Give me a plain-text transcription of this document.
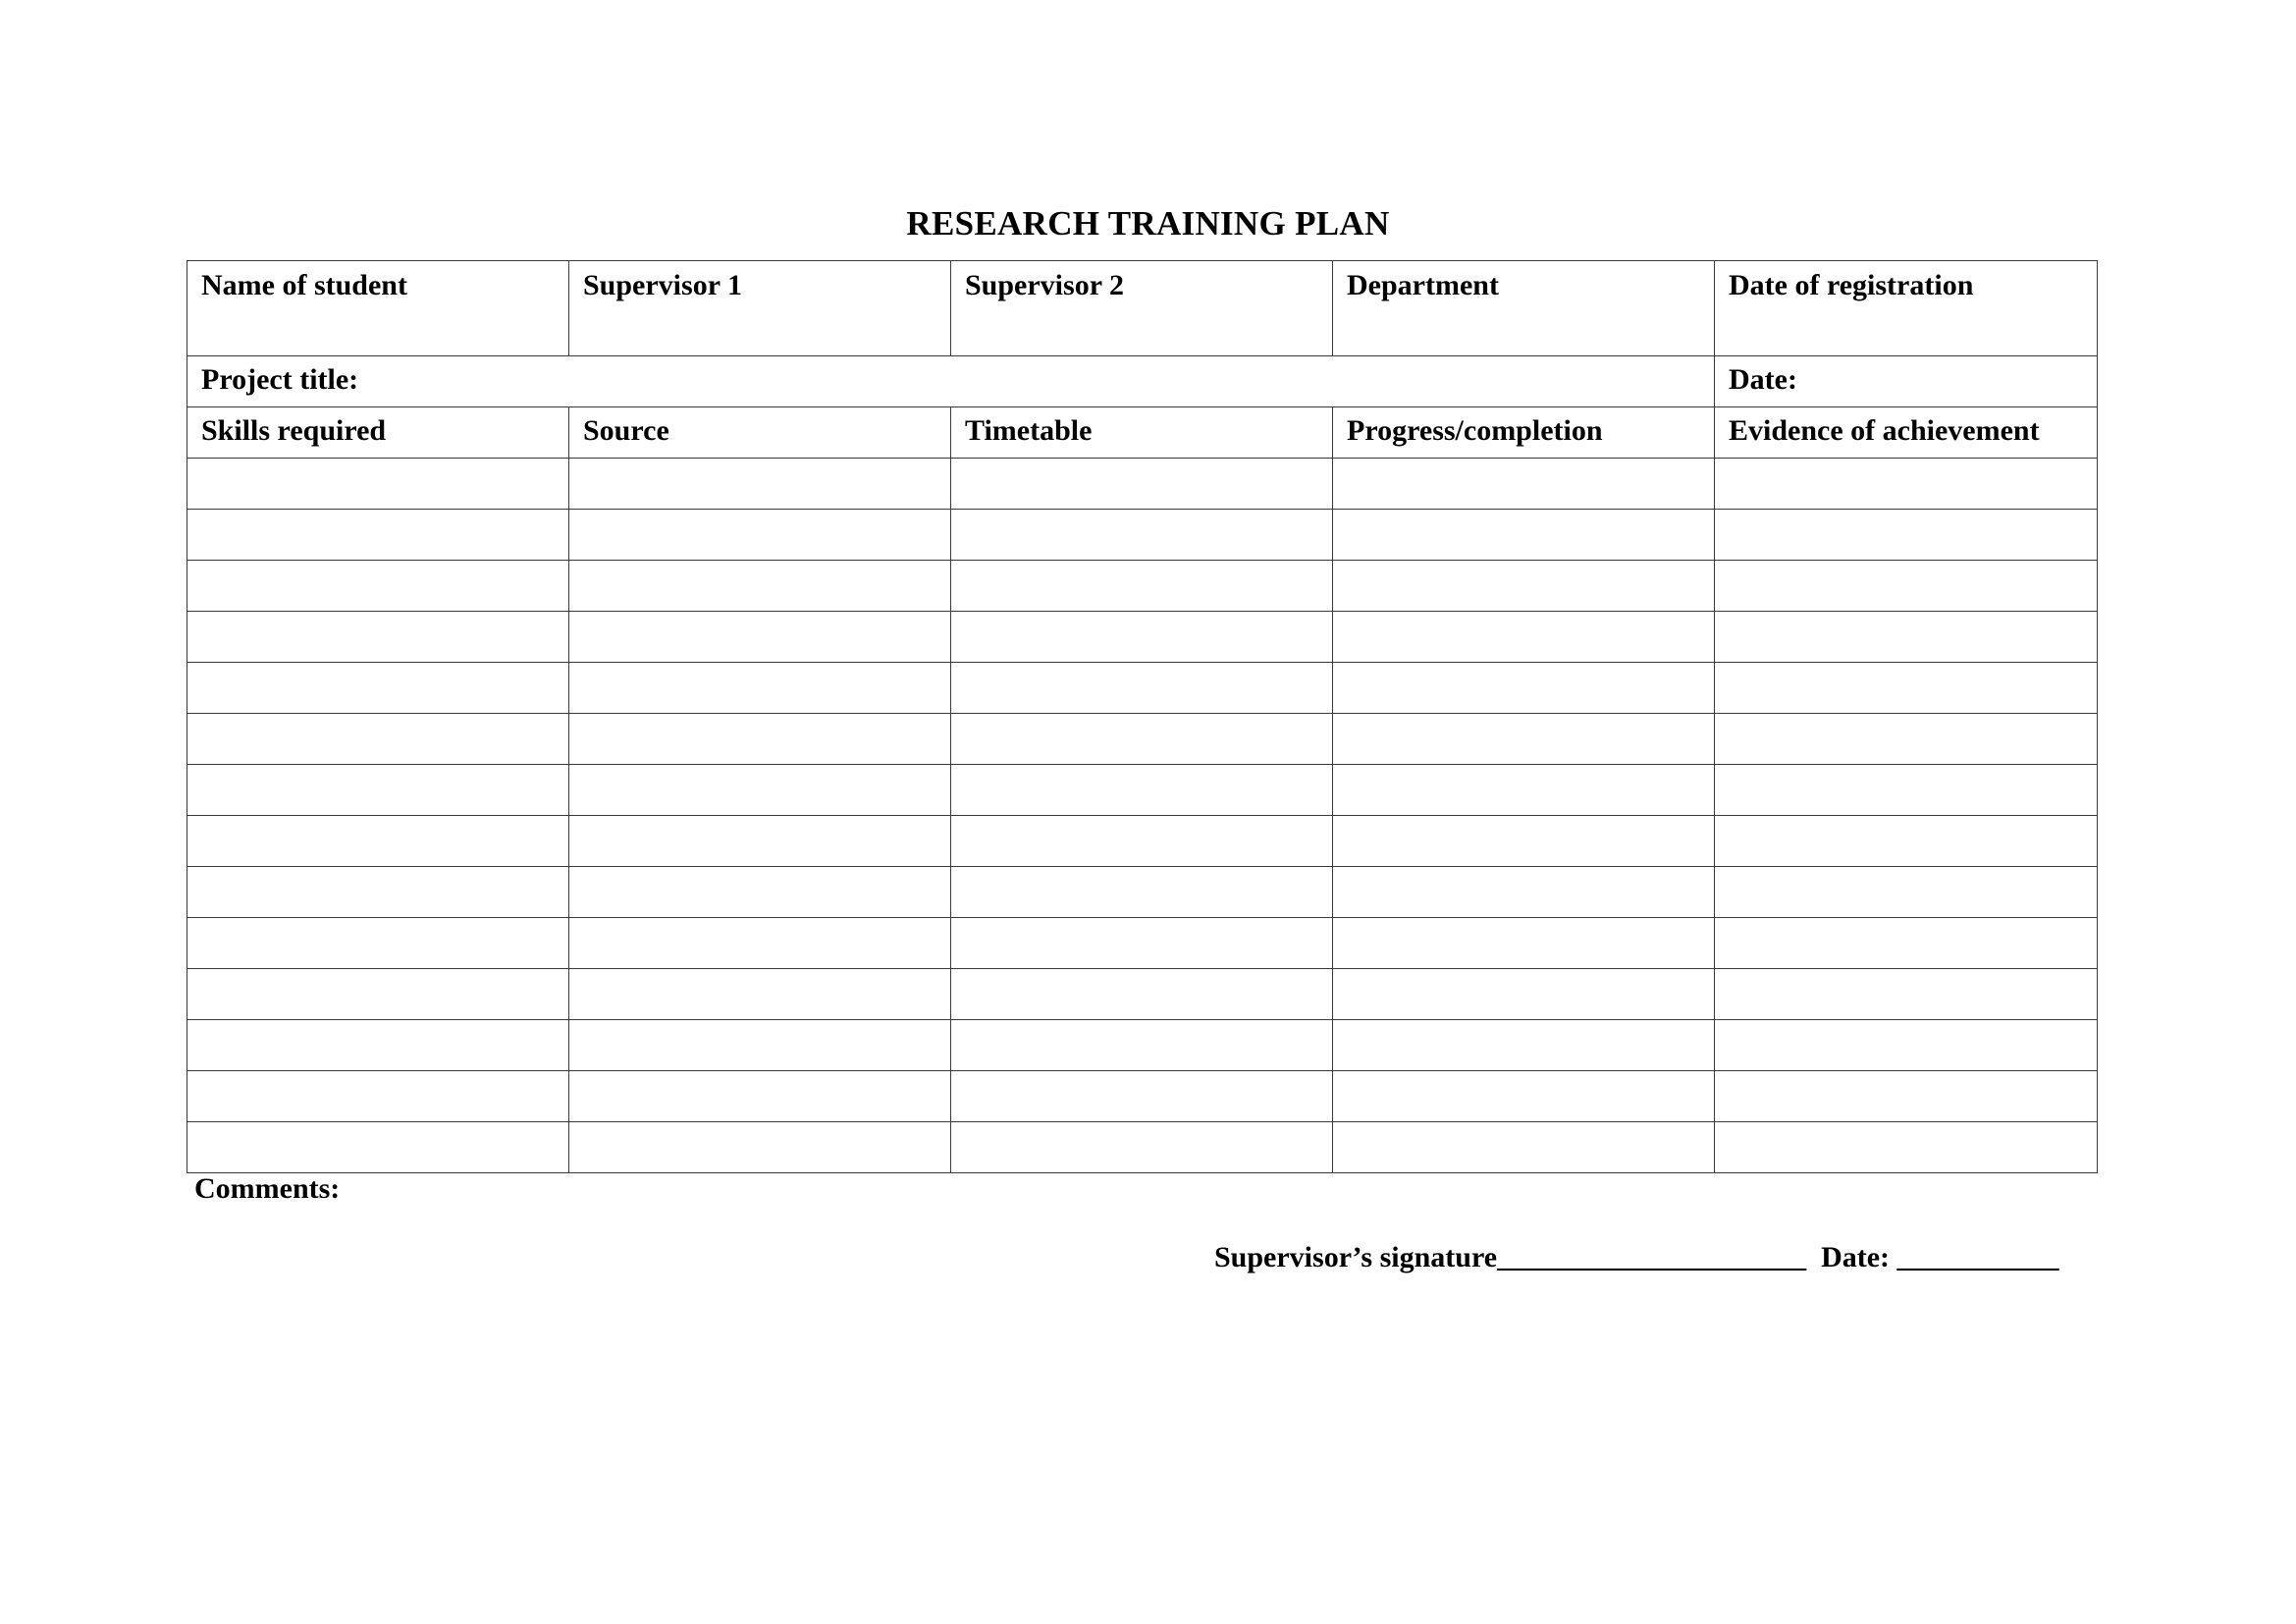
RESEARCH TRAINING PLAN
Name of student	Supervisor 1	Supervisor 2	Department	Date of registration
Project title:				Date:
Skills required	Source	Timetable	Progress/completion	Evidence of achievement

Comments:
Supervisor’s signature_____________________ Date: ___________
